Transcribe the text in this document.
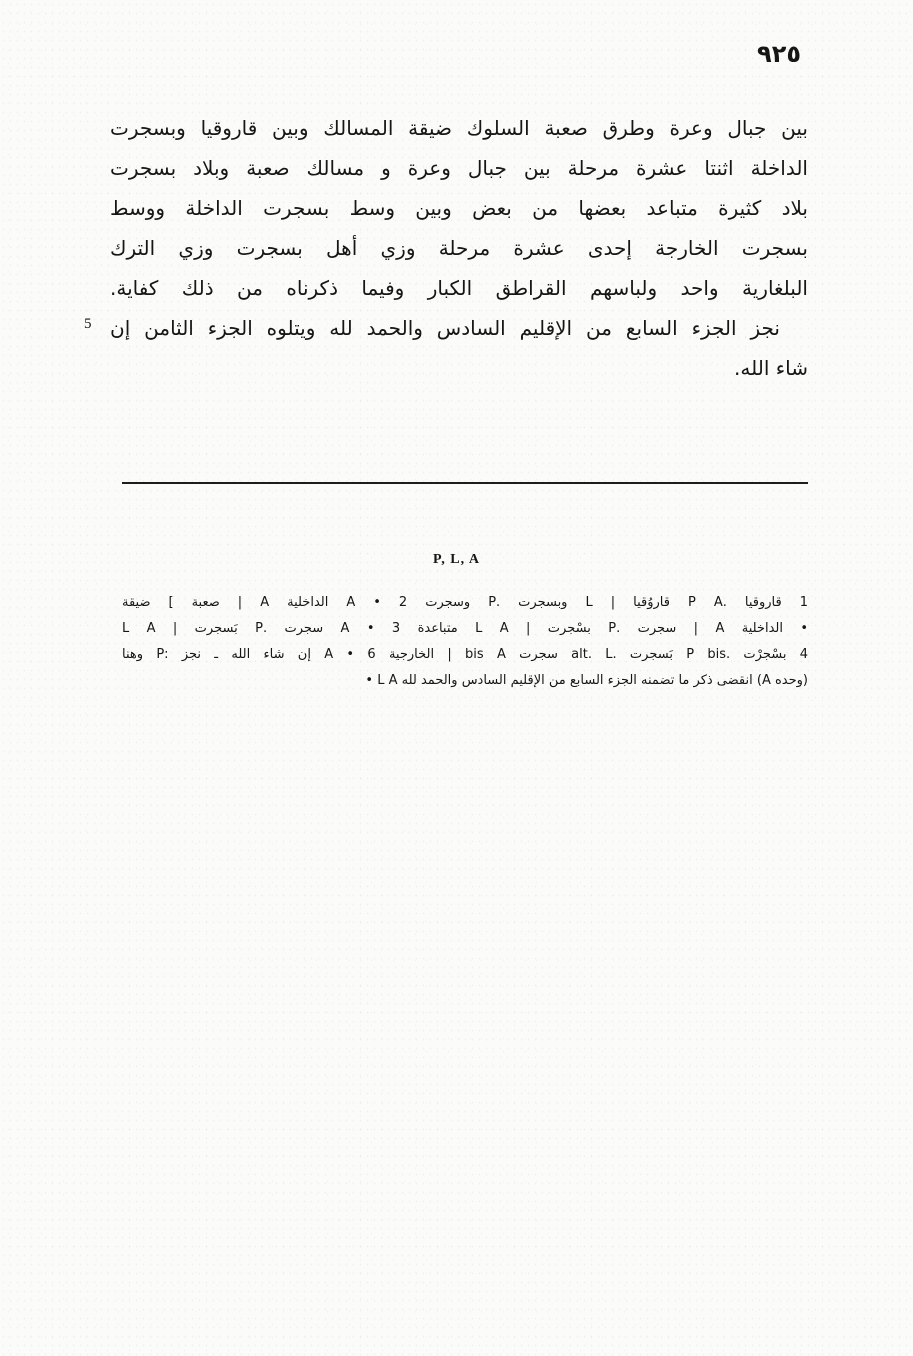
٩٢٥
بين جبال وعرة وطرق صعبة السلوك ضيقة المسالك وبين قاروقيا وبسجرت
الداخلة اثنتا عشرة مرحلة بين جبال وعرة و مسالك صعبة وبلاد بسجرت
بلاد كثيرة متباعد بعضها من بعض وبين وسط بسجرت الداخلة ووسط
بسجرت الخارجة إحدى عشرة مرحلة وزي أهل بسجرت وزي الترك
البلغارية واحد ولباسهم القراطق الكبار وفيما ذكرناه من ذلك كفاية.
نجز الجزء السابع من الإقليم السادس والحمد لله ويتلوه الجزء الثامن إن
شاء الله.
5
P, L, A
1 قاروقيا .P A قاروُقيا | L وبسجرت .P وسجرت A • 2 الداخلية A | صعبة ] ضيقة
• الداخلية A | سجرت .P بسْجرت | L A متباعدة 3 • A سجرت .P بَسجرت | L A
4 بسْجرْت .P bis بَسجرت .alt. L سجرت bis A | الخارجية A • 6 إن شاء الله ـ نجز :P وهنا
• L A انقضى ذكر ما تضمنه الجزء السابع من الإقليم السادس والحمد لله (A وحده)
